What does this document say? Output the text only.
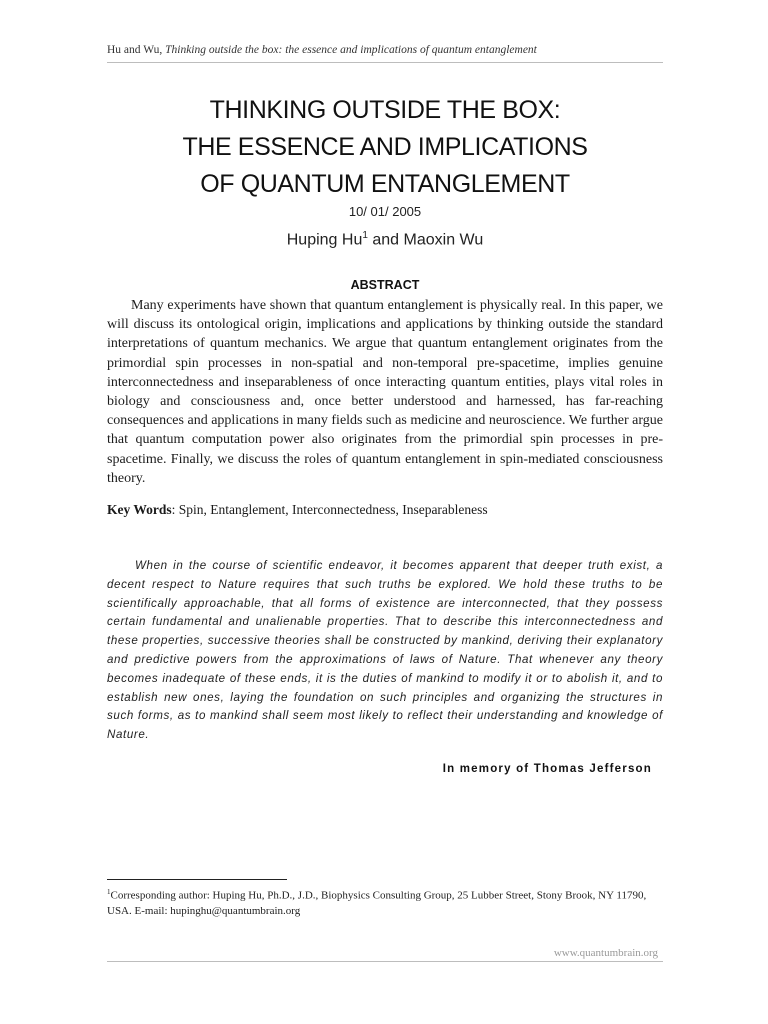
Hu and Wu, Thinking outside the box: the essence and implications of quantum entanglement
THINKING OUTSIDE THE BOX:
THE ESSENCE AND IMPLICATIONS
OF QUANTUM ENTANGLEMENT
10/ 01/ 2005
Huping Hu$^1$ and Maoxin Wu
ABSTRACT

Many experiments have shown that quantum entanglement is physically real. In this paper, we will discuss its ontological origin, implications and applications by thinking outside the standard interpretations of quantum mechanics. We argue that quantum entanglement originates from the primordial spin processes in non-spatial and non-temporal pre-spacetime, implies genuine interconnectedness and inseparableness of once interacting quantum entities, plays vital roles in biology and consciousness and, once better understood and harnessed, has far-reaching consequences and applications in many fields such as medicine and neuroscience. We further argue that quantum computation power also originates from the primordial spin processes in pre-spacetime. Finally, we discuss the roles of quantum entanglement in spin-mediated consciousness theory.

Key Words: Spin, Entanglement, Interconnectedness, Inseparableness

When in the course of scientific endeavor, it becomes apparent that deeper truth exist, a decent respect to Nature requires that such truths be explored. We hold these truths to be scientifically approachable, that all forms of existence are interconnected, that they possess certain fundamental and unalienable properties. That to describe this interconnectedness and these properties, successive theories shall be constructed by mankind, deriving their explanatory and predictive powers from the approximations of laws of Nature. That whenever any theory becomes inadequate of these ends, it is the duties of mankind to modify it or to abolish it, and to establish new ones, laying the foundation on such principles and organizing the structures in such forms, as to mankind shall seem most likely to reflect their understanding and knowledge of Nature.

In memory of Thomas Jefferson

$^1$Corresponding author: Huping Hu, Ph.D., J.D., Biophysics Consulting Group, 25 Lubber Street, Stony Brook, NY 11790, USA. E-mail: hupinghu@quantumbrain.org

www.quantumbrain.org
